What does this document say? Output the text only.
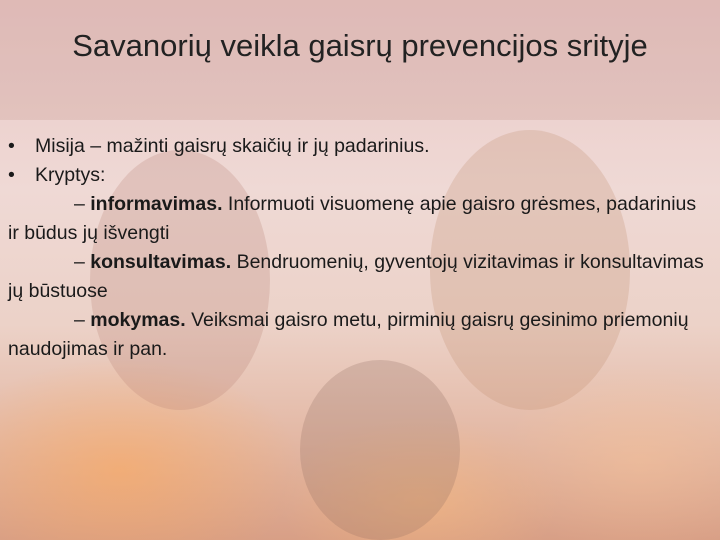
Savanorių veikla gaisrų prevencijos srityje
• Misija – mažinti gaisrų skaičių ir jų padarinius.
• Kryptys:
– informavimas. Informuoti visuomenę apie gaisro grėsmes, padarinius ir būdus jų išvengti
– konsultavimas. Bendruomenių, gyventojų vizitavimas ir konsultavimas jų būstuose
– mokymas. Veiksmai gaisro metu, pirminių gaisrų gesinimo priemonių naudojimas ir pan.
